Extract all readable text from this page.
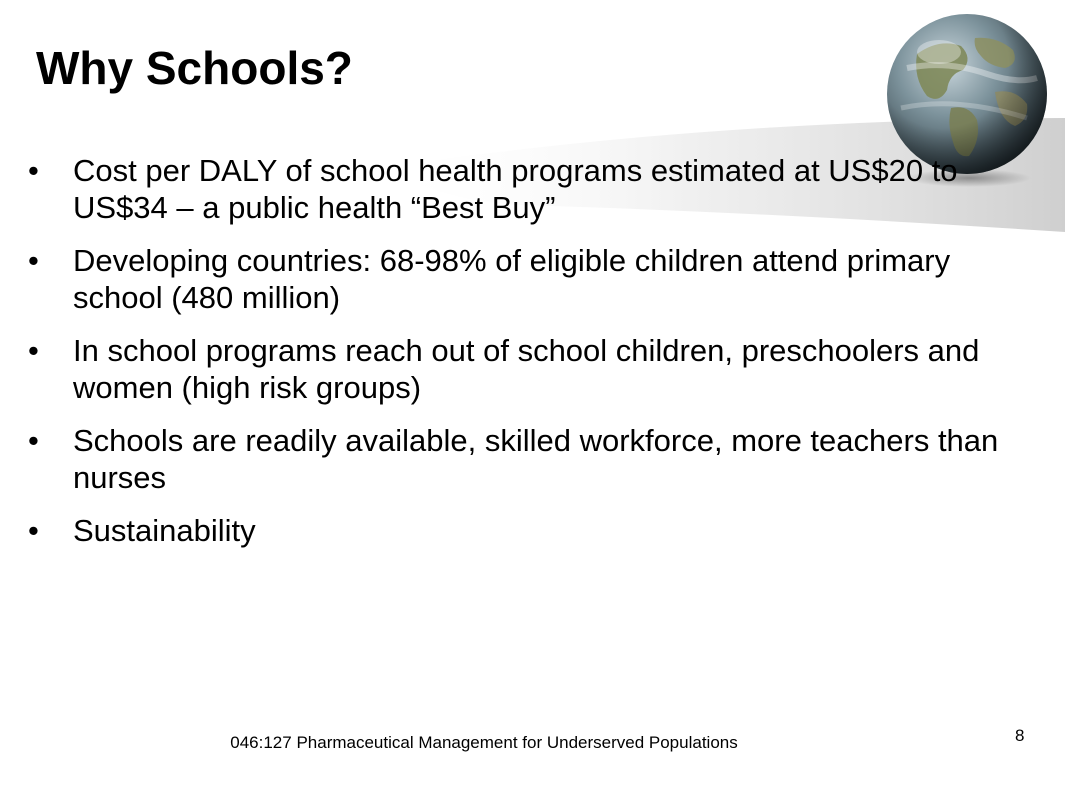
Why Schools?
•	Cost per DALY of school health programs estimated at US$20 to US$34 – a public health “Best Buy”
•	Developing countries: 68-98% of eligible children attend primary school (480 million)
•	In school programs reach out of school children, preschoolers and women (high risk groups)
•	Schools are readily available, skilled workforce, more teachers than nurses
•	Sustainability
046:127 Pharmaceutical Management for Underserved Populations	8
